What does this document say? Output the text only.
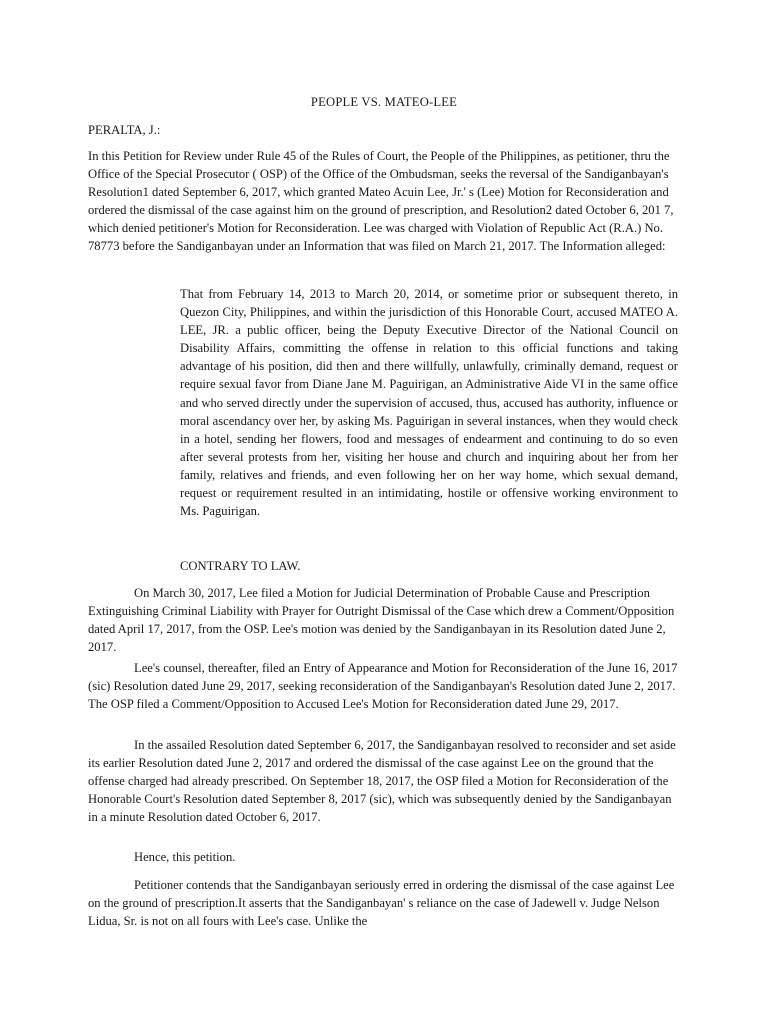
PEOPLE VS. MATEO-LEE
PERALTA, J.:

In this Petition for Review under Rule 45 of the Rules of Court, the People of the Philippines, as petitioner, thru the Office of the Special Prosecutor ( OSP) of the Office of the Ombudsman, seeks the reversal of the Sandiganbayan's Resolution1 dated September 6, 2017, which granted Mateo Acuin Lee, Jr.' s (Lee) Motion for Reconsideration and ordered the dismissal of the case against him on the ground of prescription, and Resolution2 dated October 6, 201 7, which denied petitioner's Motion for Reconsideration. Lee was charged with Violation of Republic Act (R.A.) No. 78773 before the Sandiganbayan under an Information that was filed on March 21, 2017. The Information alleged:

That from February 14, 2013 to March 20, 2014, or sometime prior or subsequent thereto, in Quezon City, Philippines, and within the jurisdiction of this Honorable Court, accused MATEO A. LEE, JR. a public officer, being the Deputy Executive Director of the National Council on Disability Affairs, committing the offense in relation to this official functions and taking advantage of his position, did then and there willfully, unlawfully, criminally demand, request or require sexual favor from Diane Jane M. Paguirigan, an Administrative Aide VI in the same office and who served directly under the supervision of accused, thus, accused has authority, influence or moral ascendancy over her, by asking Ms. Paguirigan in several instances, when they would check in a hotel, sending her flowers, food and messages of endearment and continuing to do so even after several protests from her, visiting her house and church and inquiring about her from her family, relatives and friends, and even following her on her way home, which sexual demand, request or requirement resulted in an intimidating, hostile or offensive working environment to Ms. Paguirigan.

CONTRARY TO LAW.

On March 30, 2017, Lee filed a Motion for Judicial Determination of Probable Cause and Prescription Extinguishing Criminal Liability with Prayer for Outright Dismissal of the Case which drew a Comment/Opposition dated April 17, 2017, from the OSP. Lee's motion was denied by the Sandiganbayan in its Resolution dated June 2, 2017.

Lee's counsel, thereafter, filed an Entry of Appearance and Motion for Reconsideration of the June 16, 2017 (sic) Resolution dated June 29, 2017, seeking reconsideration of the Sandiganbayan's Resolution dated June 2, 2017. The OSP filed a Comment/Opposition to Accused Lee's Motion for Reconsideration dated June 29, 2017.

In the assailed Resolution dated September 6, 2017, the Sandiganbayan resolved to reconsider and set aside its earlier Resolution dated June 2, 2017 and ordered the dismissal of the case against Lee on the ground that the offense charged had already prescribed. On September 18, 2017, the OSP filed a Motion for Reconsideration of the Honorable Court's Resolution dated September 8, 2017 (sic), which was subsequently denied by the Sandiganbayan in a minute Resolution dated October 6, 2017.

Hence, this petition.

Petitioner contends that the Sandiganbayan seriously erred in ordering the dismissal of the case against Lee on the ground of prescription.It asserts that the Sandiganbayan' s reliance on the case of Jadewell v. Judge Nelson Lidua, Sr. is not on all fours with Lee's case. Unlike the
